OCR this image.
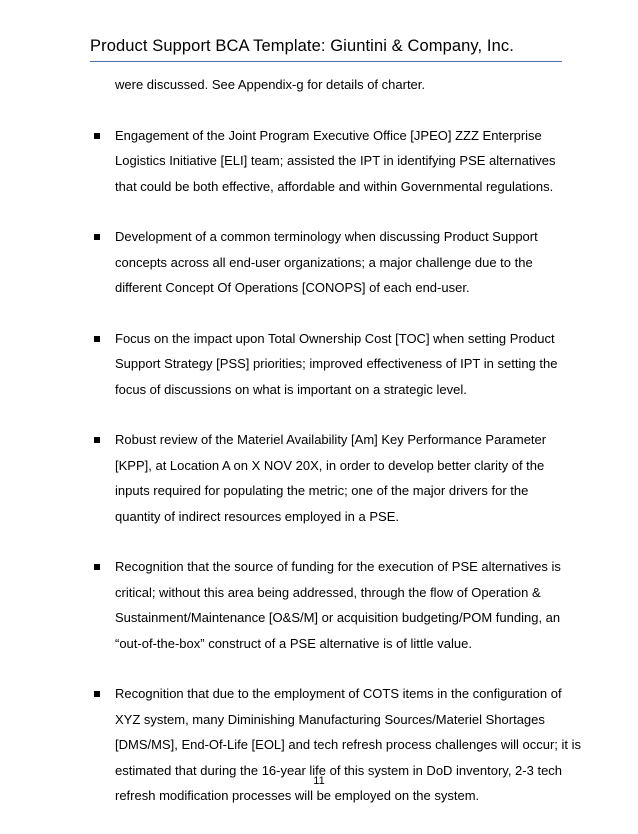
Product Support BCA Template: Giuntini & Company, Inc.
were discussed. See Appendix-g for details of charter.
Engagement of the Joint Program Executive Office [JPEO] ZZZ Enterprise
Logistics Initiative [ELI] team; assisted the IPT in identifying PSE alternatives
that could be both effective, affordable and within Governmental regulations.
Development of a common terminology when discussing Product Support
concepts across all end-user organizations; a major challenge due to the
different Concept Of Operations [CONOPS] of each end-user.
Focus on the impact upon Total Ownership Cost [TOC] when setting Product
Support Strategy [PSS] priorities; improved effectiveness of IPT in setting the
focus of discussions on what is important on a strategic level.
Robust review of the Materiel Availability [Am] Key Performance Parameter
[KPP], at Location A on X NOV 20X, in order to develop better clarity of the
inputs required for populating the metric; one of the major drivers for the
quantity of indirect resources employed in a PSE.
Recognition that the source of funding for the execution of PSE alternatives is
critical; without this area being addressed, through the flow of Operation &
Sustainment/Maintenance [O&S/M] or acquisition budgeting/POM funding, an
“out-of-the-box” construct of a PSE alternative is of little value.
Recognition that due to the employment of COTS items in the configuration of
XYZ system, many Diminishing Manufacturing Sources/Materiel Shortages
[DMS/MS], End-Of-Life [EOL] and tech refresh process challenges will occur; it is
estimated that during the 16-year life of this system in DoD inventory, 2-3 tech
refresh modification processes will be employed on the system.
11
